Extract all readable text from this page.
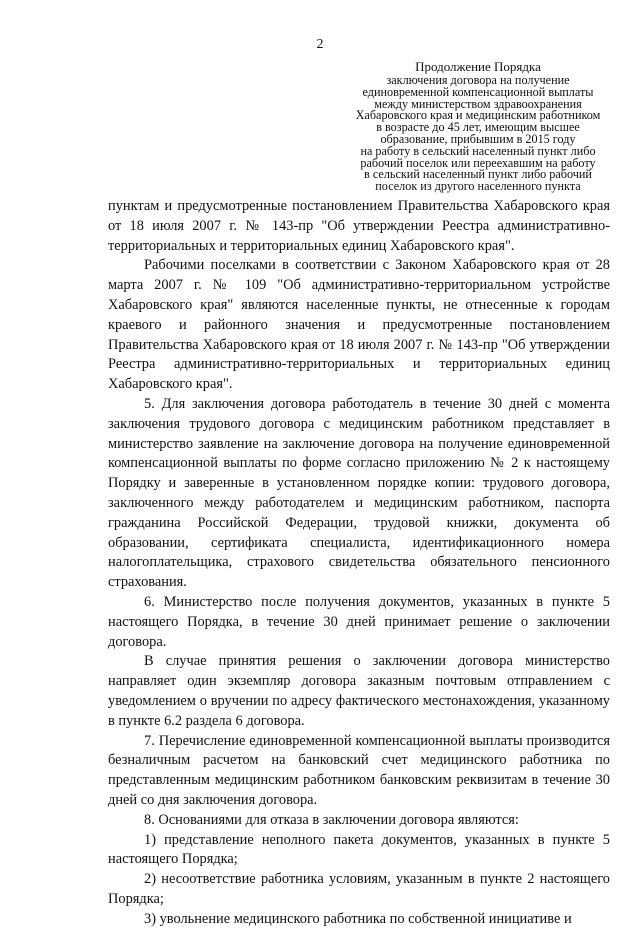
2
Продолжение Порядка
заключения договора на получение
единовременной компенсационной выплаты
между министерством здравоохранения
Хабаровского края и медицинским работником
в возрасте до 45 лет, имеющим высшее
образование, прибывшим в 2015 году
на работу в сельский населенный пункт либо
рабочий поселок или переехавшим на работу
в сельский населенный пункт либо рабочий
поселок из другого населенного пункта

пунктам и предусмотренные постановлением Правительства Хабаровского края от 18 июля 2007 г. № 143-пр "Об утверждении Реестра административно-территориальных и территориальных единиц Хабаровского края".

Рабочими поселками в соответствии с Законом Хабаровского края от 28 марта 2007 г. № 109 "Об административно-территориальном устройстве Хабаровского края" являются населенные пункты, не отнесенные к городам краевого и районного значения и предусмотренные постановлением Правительства Хабаровского края от 18 июля 2007 г. № 143-пр "Об утверждении Реестра административно-территориальных и территориальных единиц Хабаровского края".

5. Для заключения договора работодатель в течение 30 дней с момента заключения трудового договора с медицинским работником представляет в министерство заявление на заключение договора на получение единовременной компенсационной выплаты по форме согласно приложению № 2 к настоящему Порядку и заверенные в установленном порядке копии: трудового договора, заключенного между работодателем и медицинским работником, паспорта гражданина Российской Федерации, трудовой книжки, документа об образовании, сертификата специалиста, идентификационного номера налогоплательщика, страхового свидетельства обязательного пенсионного страхования.

6. Министерство после получения документов, указанных в пункте 5 настоящего Порядка, в течение 30 дней принимает решение о заключении договора.

В случае принятия решения о заключении договора министерство направляет один экземпляр договора заказным почтовым отправлением с уведомлением о вручении по адресу фактического местонахождения, указанному в пункте 6.2 раздела 6 договора.

7. Перечисление единовременной компенсационной выплаты производится безналичным расчетом на банковский счет медицинского работника по представленным медицинским работником банковским реквизитам в течение 30 дней со дня заключения договора.

8. Основаниями для отказа в заключении договора являются:

1) представление неполного пакета документов, указанных в пункте 5 настоящего Порядка;

2) несоответствие работника условиям, указанным в пункте 2 настоящего Порядка;

3) увольнение медицинского работника по собственной инициативе и
